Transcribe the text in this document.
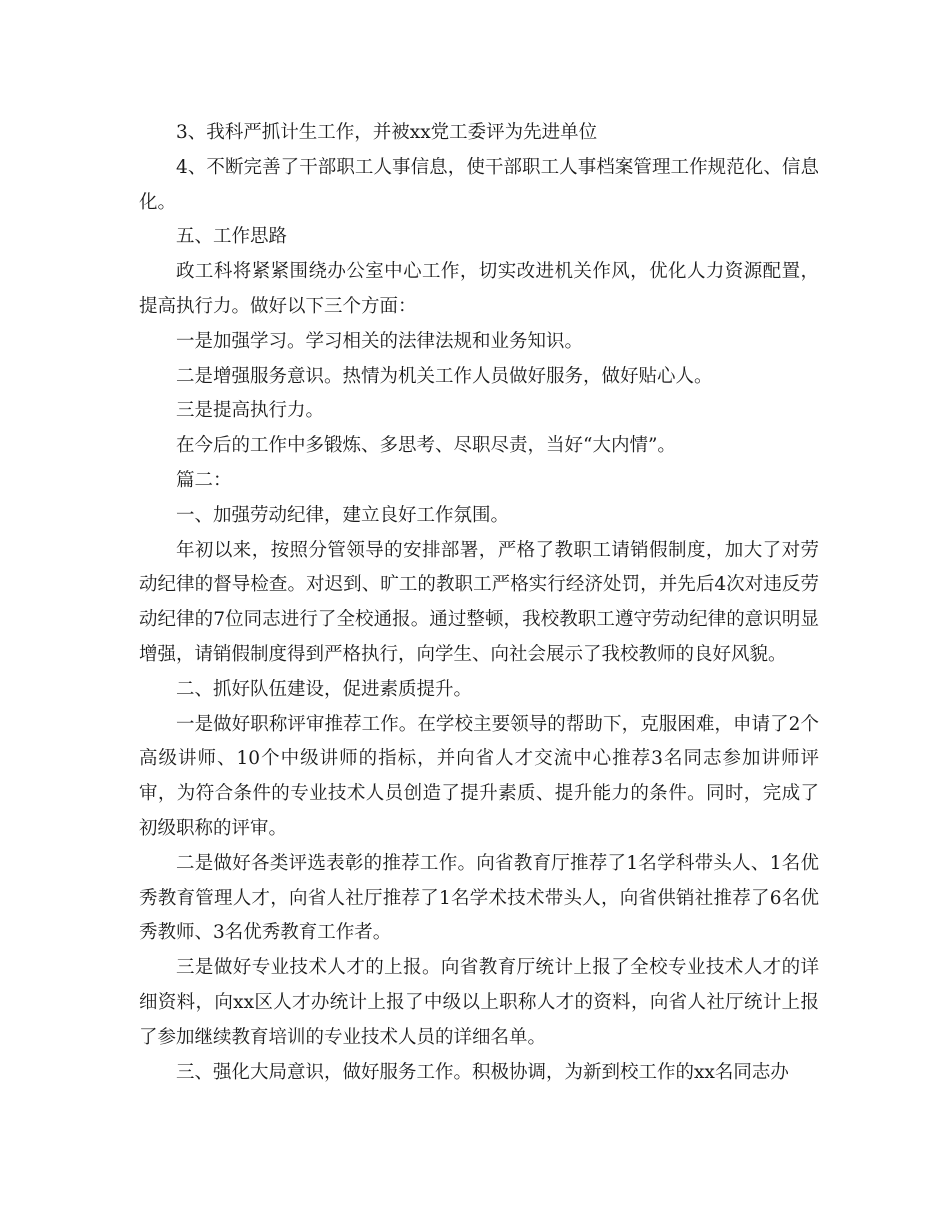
3、我科严抓计生工作，并被xx党工委评为先进单位

4、不断完善了干部职工人事信息，使干部职工人事档案管理工作规范化、信息化。

五、工作思路

政工科将紧紧围绕办公室中心工作，切实改进机关作风，优化人力资源配置，提高执行力。做好以下三个方面：

一是加强学习。学习相关的法律法规和业务知识。

二是增强服务意识。热情为机关工作人员做好服务，做好贴心人。

三是提高执行力。

在今后的工作中多锻炼、多思考、尽职尽责，当好“大内情”。

篇二：

一、加强劳动纪律，建立良好工作氛围。

年初以来，按照分管领导的安排部署，严格了教职工请销假制度，加大了对劳动纪律的督导检查。对迟到、旷工的教职工严格实行经济处罚，并先后4次对违反劳动纪律的7位同志进行了全校通报。通过整顿，我校教职工遵守劳动纪律的意识明显增强，请销假制度得到严格执行，向学生、向社会展示了我校教师的良好风貌。

二、抓好队伍建设，促进素质提升。

一是做好职称评审推荐工作。在学校主要领导的帮助下，克服困难，申请了2个高级讲师、10个中级讲师的指标，并向省人才交流中心推荐3名同志参加讲师评审，为符合条件的专业技术人员创造了提升素质、提升能力的条件。同时，完成了初级职称的评审。

二是做好各类评选表彰的推荐工作。向省教育厅推荐了1名学科带头人、1名优秀教育管理人才，向省人社厅推荐了1名学术技术带头人，向省供销社推荐了6名优秀教师、3名优秀教育工作者。

三是做好专业技术人才的上报。向省教育厅统计上报了全校专业技术人才的详细资料，向xx区人才办统计上报了中级以上职称人才的资料，向省人社厅统计上报了参加继续教育培训的专业技术人员的详细名单。

三、强化大局意识，做好服务工作。积极协调，为新到校工作的xx名同志办
